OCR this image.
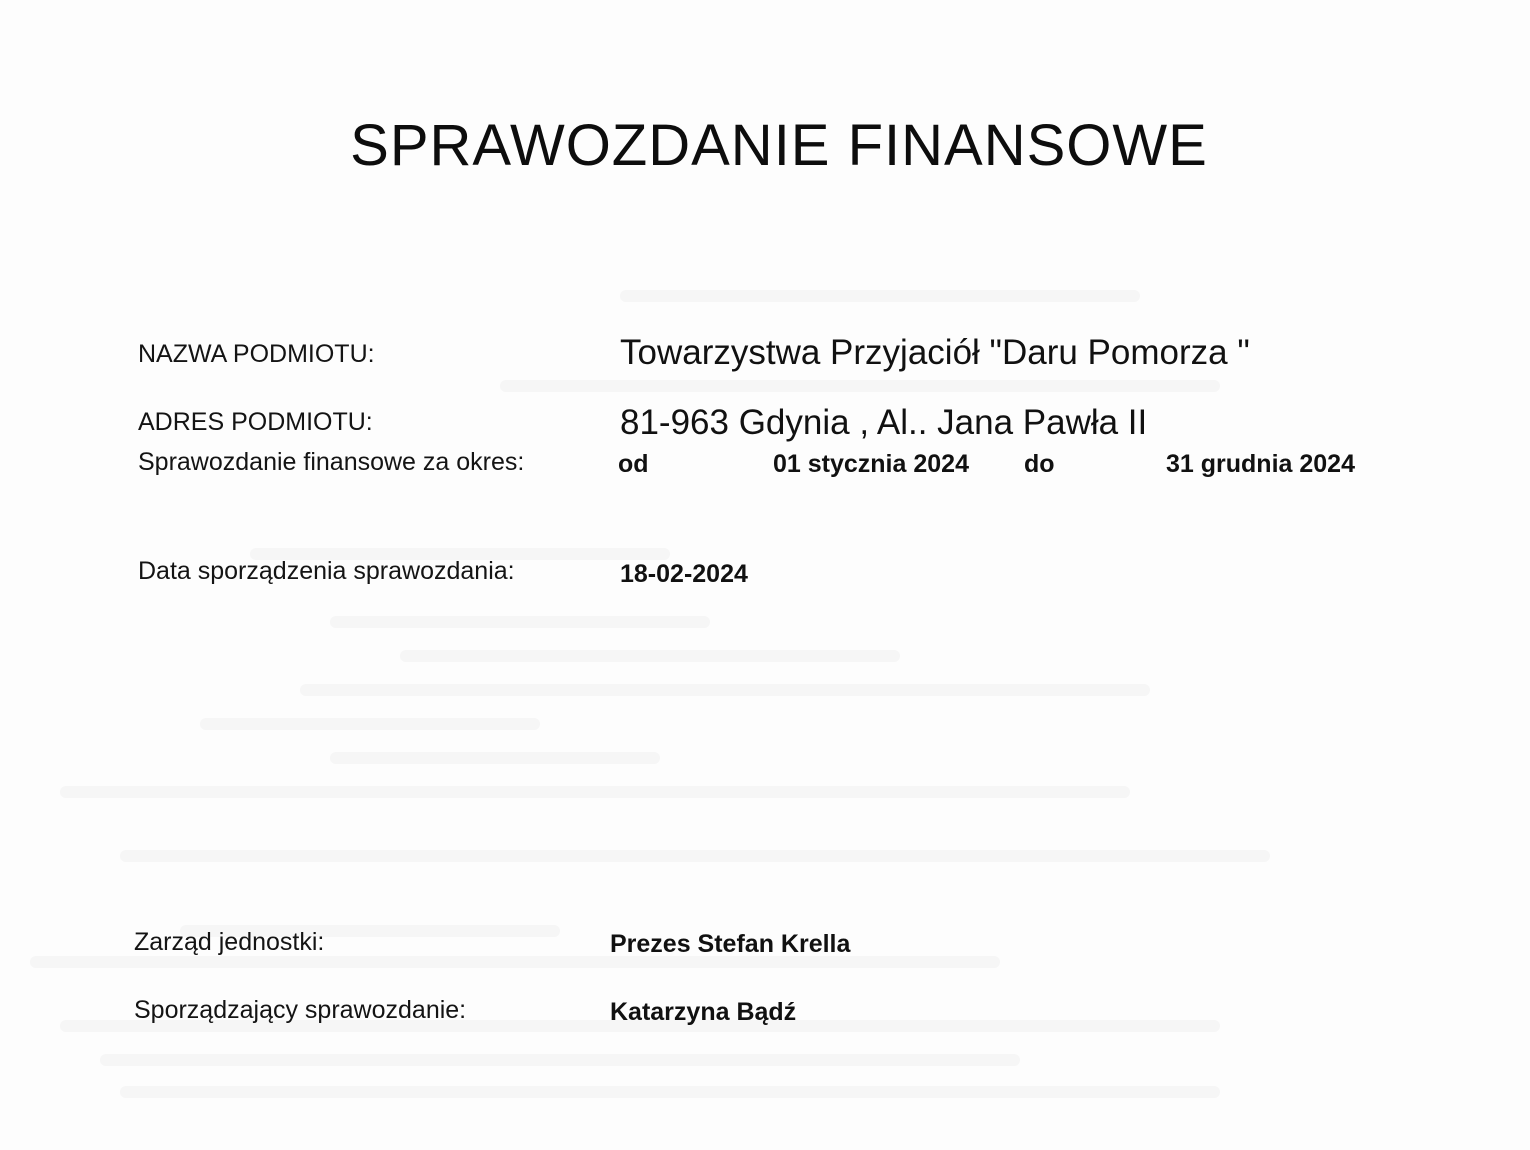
SPRAWOZDANIE FINANSOWE
NAZWA PODMIOTU:	Towarzystwa Przyjaciół "Daru Pomorza "
ADRES PODMIOTU:	81-963 Gdynia , Al.. Jana Pawła II
Sprawozdanie finansowe za okres:	od	01 stycznia 2024 do	31 grudnia 2024
Data sporządzenia sprawozdania:	18-02-2024
Zarząd jednostki:	Prezes Stefan Krella
Sporządzający sprawozdanie:	Katarzyna Bądź
